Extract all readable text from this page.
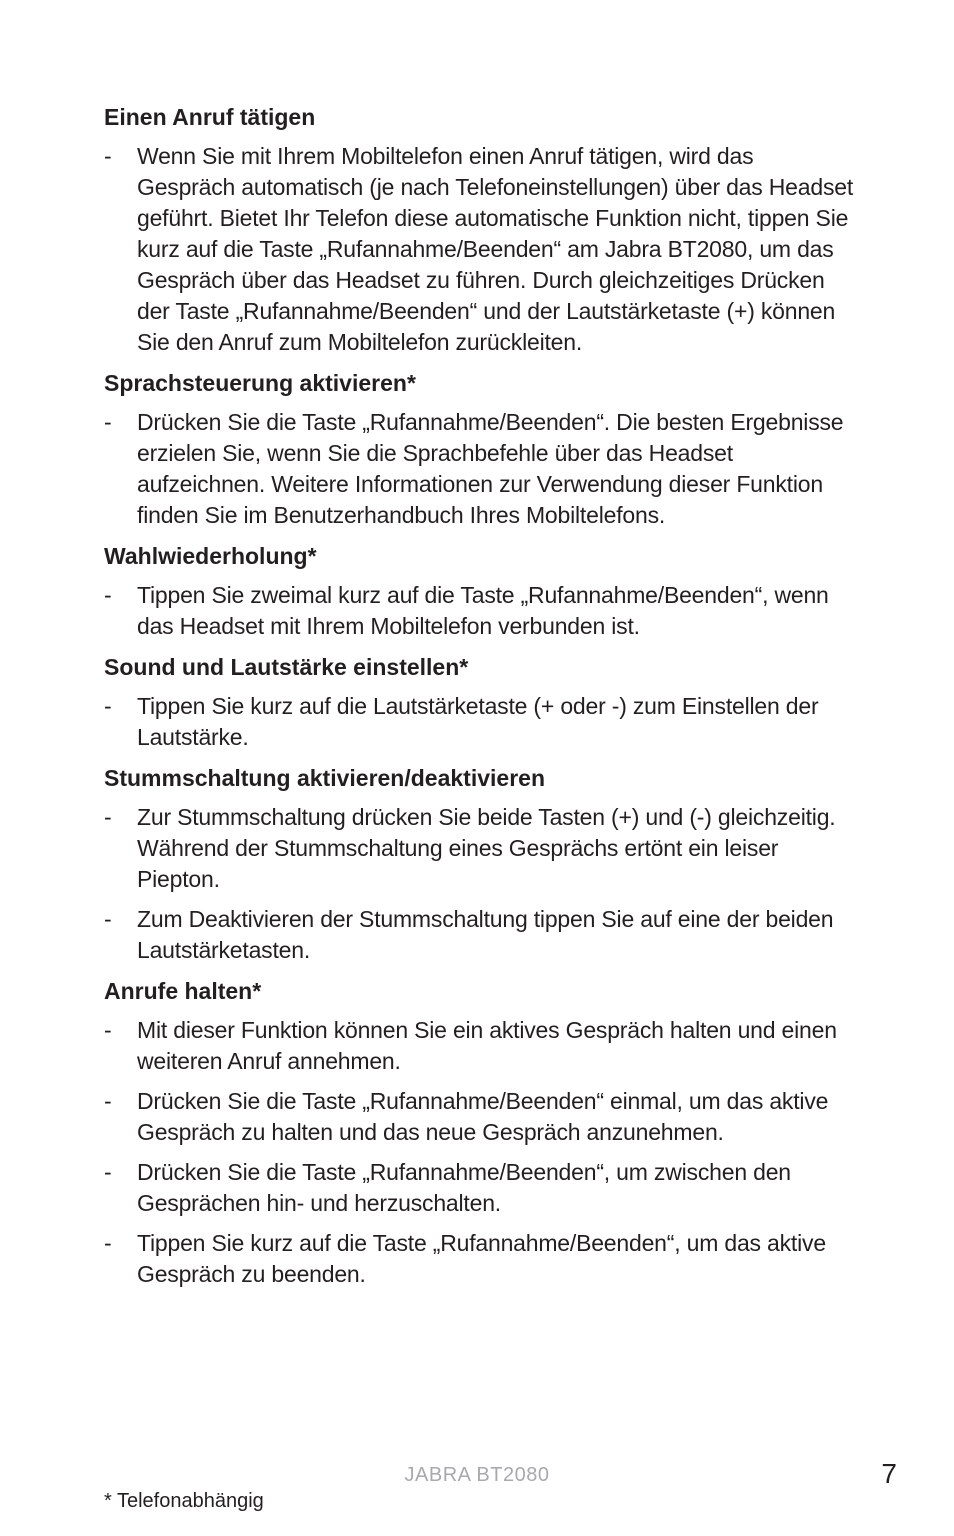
Einen Anruf tätigen
- Wenn Sie mit Ihrem Mobiltelefon einen Anruf tätigen, wird das Gespräch automatisch (je nach Telefoneinstellungen) über das Headset geführt. Bietet Ihr Telefon diese automatische Funktion nicht, tippen Sie kurz auf die Taste „Rufannahme/Beenden“ am Jabra BT2080, um das Gespräch über das Headset zu führen. Durch gleichzeitiges Drücken der Taste „Rufannahme/Beenden“ und der Lautstärketaste (+) können Sie den Anruf zum Mobiltelefon zurückleiten.
Sprachsteuerung aktivieren*
- Drücken Sie die Taste „Rufannahme/Beenden“. Die besten Ergebnisse erzielen Sie, wenn Sie die Sprachbefehle über das Headset aufzeichnen. Weitere Informationen zur Verwendung dieser Funktion finden Sie im Benutzerhandbuch Ihres Mobiltelefons.
Wahlwiederholung*
- Tippen Sie zweimal kurz auf die Taste „Rufannahme/Beenden“, wenn das Headset mit Ihrem Mobiltelefon verbunden ist.
Sound und Lautstärke einstellen*
- Tippen Sie kurz auf die Lautstärketaste (+ oder -) zum Einstellen der Lautstärke.
Stummschaltung aktivieren/deaktivieren
- Zur Stummschaltung drücken Sie beide Tasten (+) und (-) gleichzeitig. Während der Stummschaltung eines Gesprächs ertönt ein leiser Piepton.
- Zum Deaktivieren der Stummschaltung tippen Sie auf eine der beiden Lautstärketasten.
Anrufe halten*
- Mit dieser Funktion können Sie ein aktives Gespräch halten und einen weiteren Anruf annehmen.
- Drücken Sie die Taste „Rufannahme/Beenden“ einmal, um das aktive Gespräch zu halten und das neue Gespräch anzunehmen.
- Drücken Sie die Taste „Rufannahme/Beenden“, um zwischen den Gesprächen hin- und herzuschalten.
- Tippen Sie kurz auf die Taste „Rufannahme/Beenden“, um das aktive Gespräch zu beenden.
JABRA BT2080	7
* Telefonabhängig
